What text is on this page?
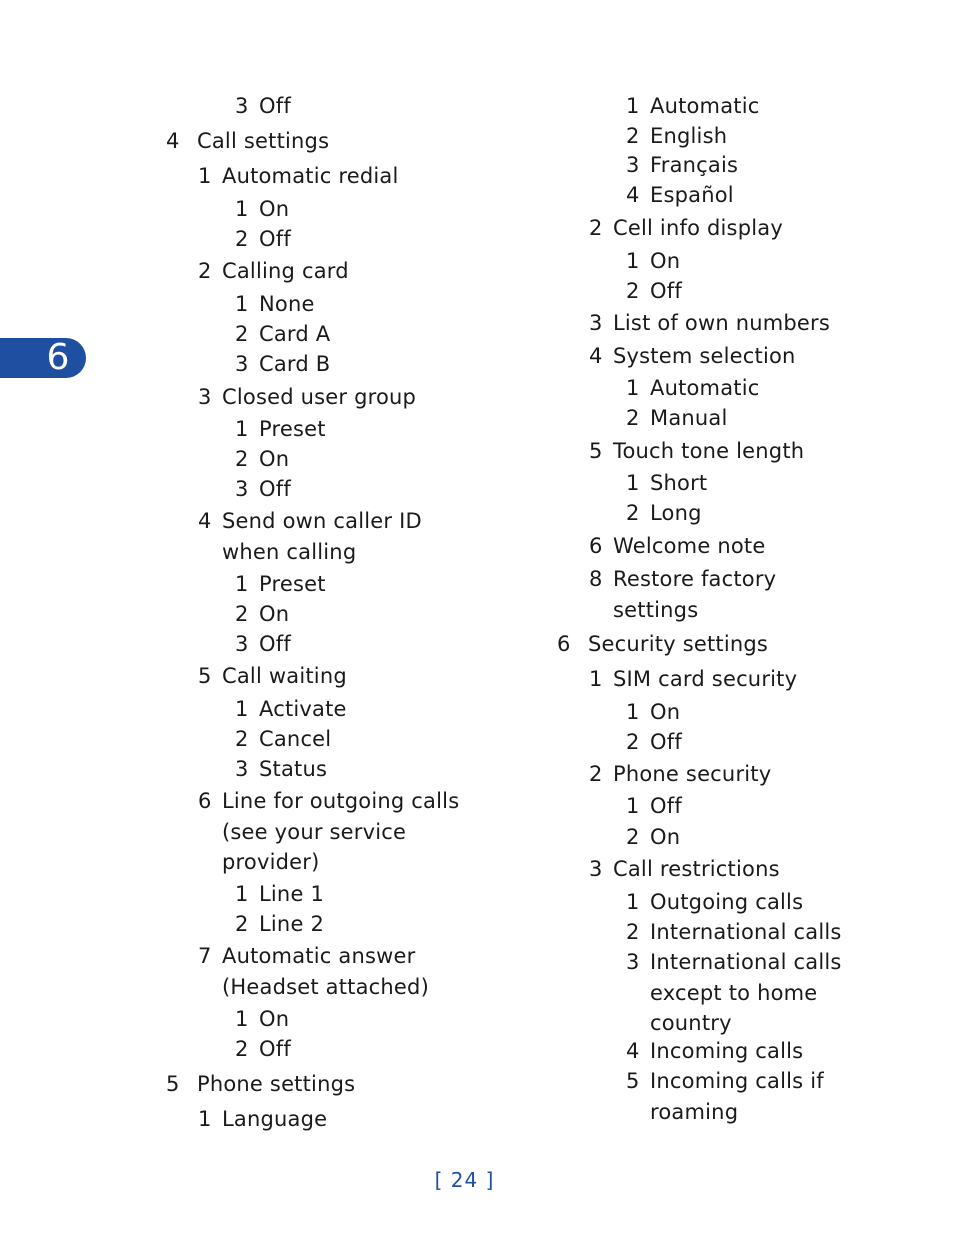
6
3 Off
4 Call settings
1 Automatic redial
1 On
2 Off
2 Calling card
1 None
2 Card A
3 Card B
3 Closed user group
1 Preset
2 On
3 Off
4 Send own caller ID
when calling
1 Preset
2 On
3 Off
5 Call waiting
1 Activate
2 Cancel
3 Status
6 Line for outgoing calls
(see your service
provider)
1 Line 1
2 Line 2
7 Automatic answer
(Headset attached)
1 On
2 Off
5 Phone settings
1 Language
1 Automatic
2 English
3 Français
4 Español
2 Cell info display
1 On
2 Off
3 List of own numbers
4 System selection
1 Automatic
2 Manual
5 Touch tone length
1 Short
2 Long
6 Welcome note
8 Restore factory
settings
6 Security settings
1 SIM card security
1 On
2 Off
2 Phone security
1 Off
2 On
3 Call restrictions
1 Outgoing calls
2 International calls
3 International calls
except to home
country
4 Incoming calls
5 Incoming calls if
roaming
[ 24 ]
